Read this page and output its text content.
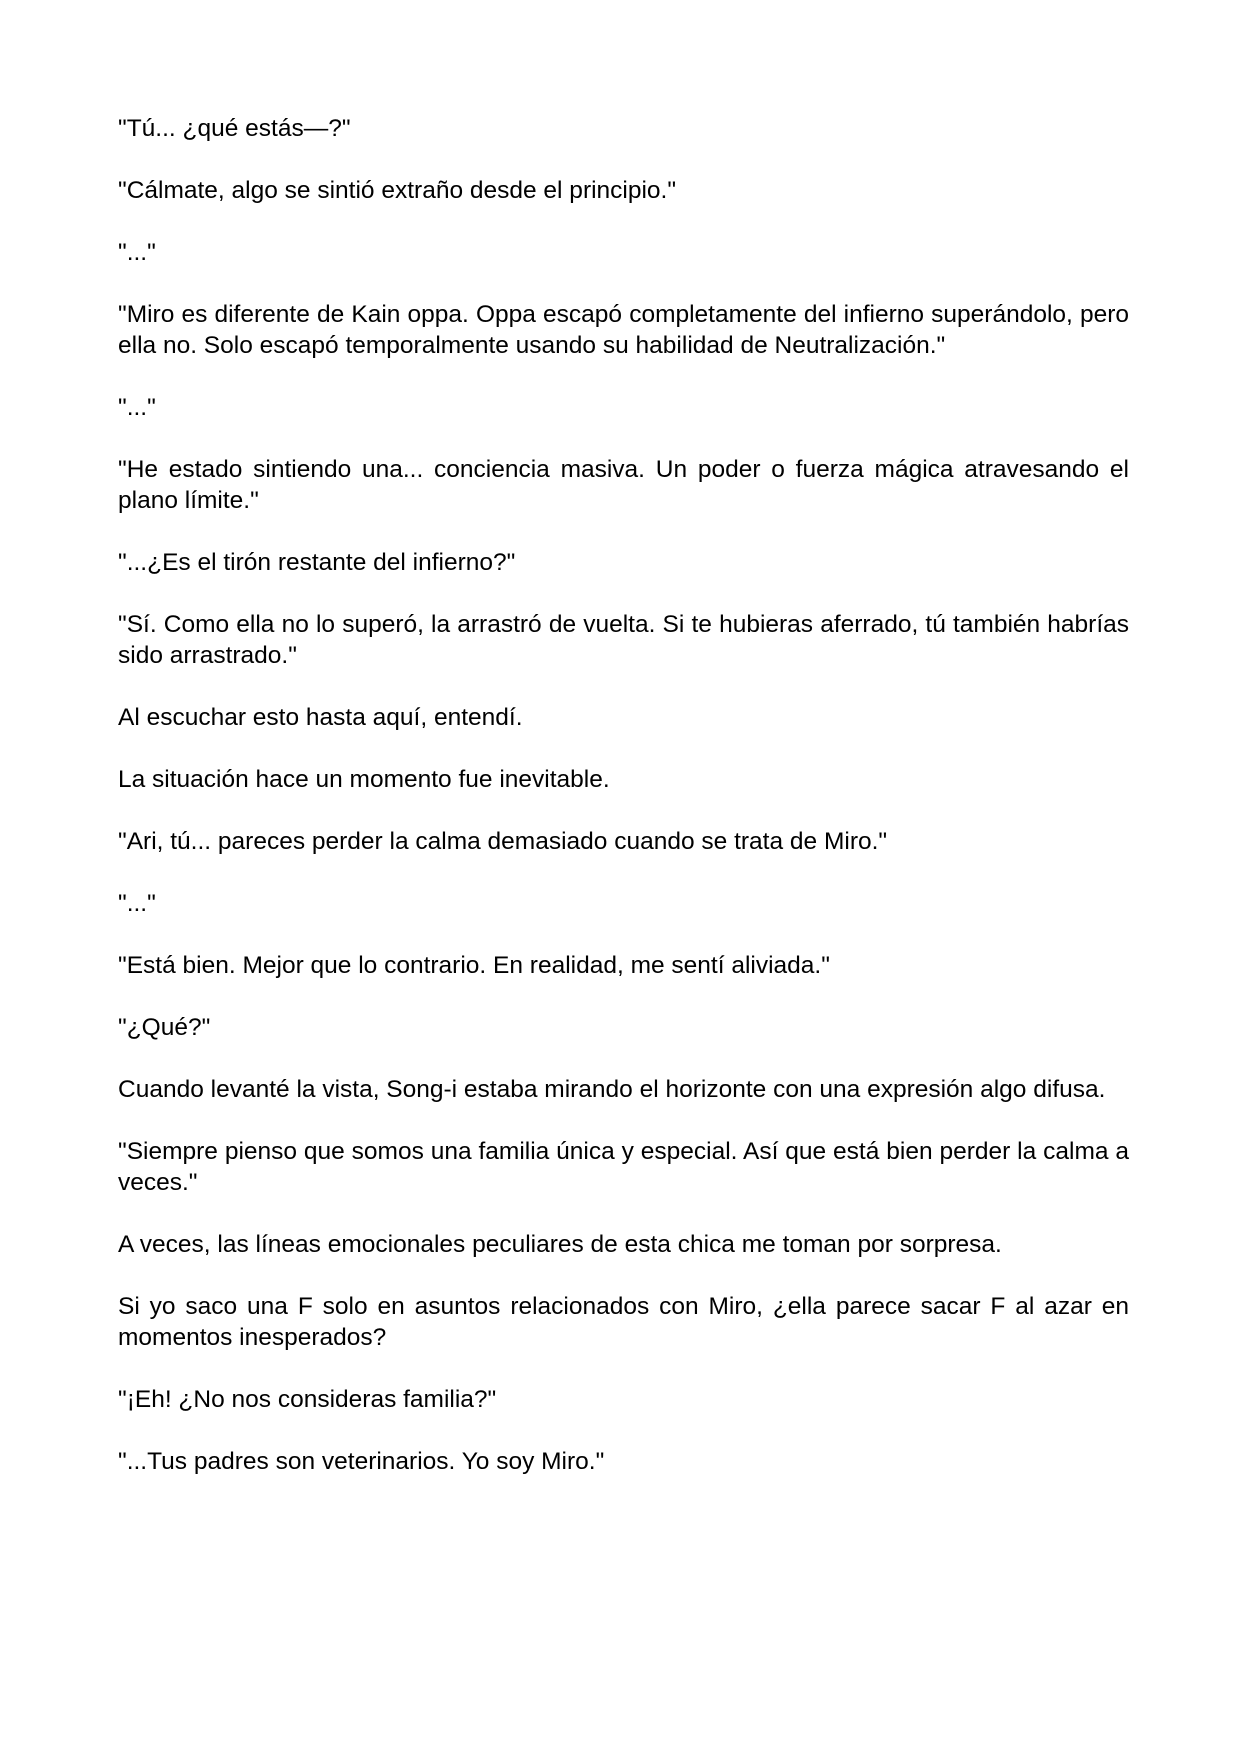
"Tú... ¿qué estás—?"

"Cálmate, algo se sintió extraño desde el principio."

"..."

"Miro es diferente de Kain oppa. Oppa escapó completamente del infierno superándolo, pero ella no. Solo escapó temporalmente usando su habilidad de Neutralización."

"..."

"He estado sintiendo una... conciencia masiva. Un poder o fuerza mágica atravesando el plano límite."

"...¿Es el tirón restante del infierno?"

"Sí. Como ella no lo superó, la arrastró de vuelta. Si te hubieras aferrado, tú también habrías sido arrastrado."

Al escuchar esto hasta aquí, entendí.

La situación hace un momento fue inevitable.

"Ari, tú... pareces perder la calma demasiado cuando se trata de Miro."

"..."

"Está bien. Mejor que lo contrario. En realidad, me sentí aliviada."

"¿Qué?"

Cuando levanté la vista, Song-i estaba mirando el horizonte con una expresión algo difusa.

"Siempre pienso que somos una familia única y especial. Así que está bien perder la calma a veces."

A veces, las líneas emocionales peculiares de esta chica me toman por sorpresa.

Si yo saco una F solo en asuntos relacionados con Miro, ¿ella parece sacar F al azar en momentos inesperados?

"¡Eh! ¿No nos consideras familia?"

"...Tus padres son veterinarios. Yo soy Miro."
